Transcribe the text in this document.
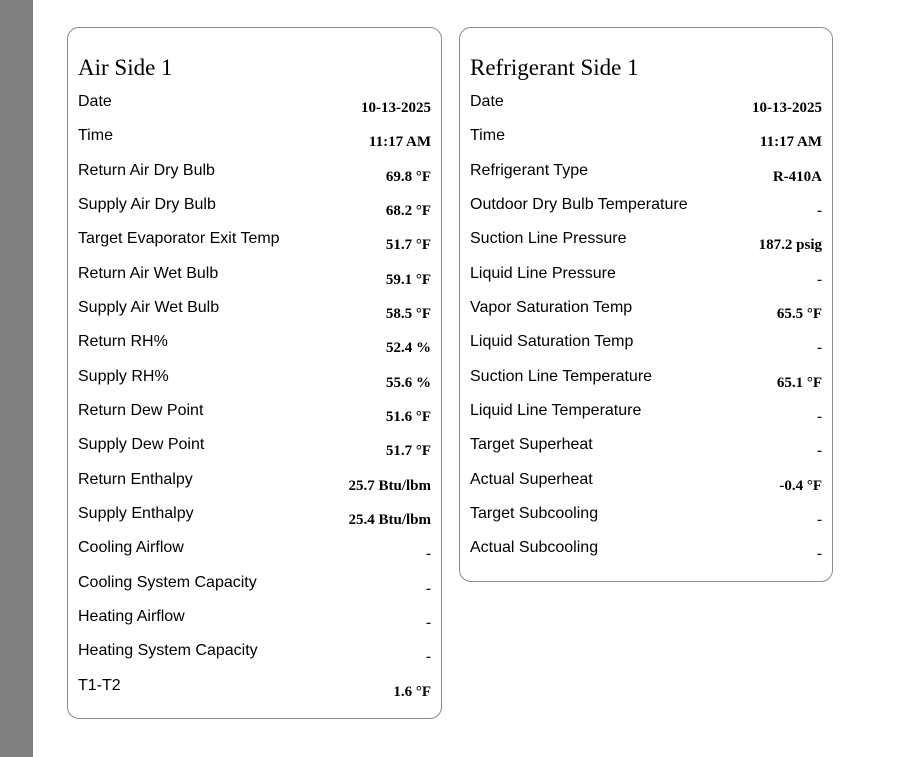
Air Side 1
Date	10-13-2025
Time	11:17 AM
Return Air Dry Bulb	69.8 °F
Supply Air Dry Bulb	68.2 °F
Target Evaporator Exit Temp	51.7 °F
Return Air Wet Bulb	59.1 °F
Supply Air Wet Bulb	58.5 °F
Return RH%	52.4 %
Supply RH%	55.6 %
Return Dew Point	51.6 °F
Supply Dew Point	51.7 °F
Return Enthalpy	25.7 Btu/lbm
Supply Enthalpy	25.4 Btu/lbm
Cooling Airflow	-
Cooling System Capacity	-
Heating Airflow	-
Heating System Capacity	-
T1-T2	1.6 °F
Refrigerant Side 1
Date	10-13-2025
Time	11:17 AM
Refrigerant Type	R-410A
Outdoor Dry Bulb Temperature	-
Suction Line Pressure	187.2 psig
Liquid Line Pressure	-
Vapor Saturation Temp	65.5 °F
Liquid Saturation Temp	-
Suction Line Temperature	65.1 °F
Liquid Line Temperature	-
Target Superheat	-
Actual Superheat	-0.4 °F
Target Subcooling	-
Actual Subcooling	-
